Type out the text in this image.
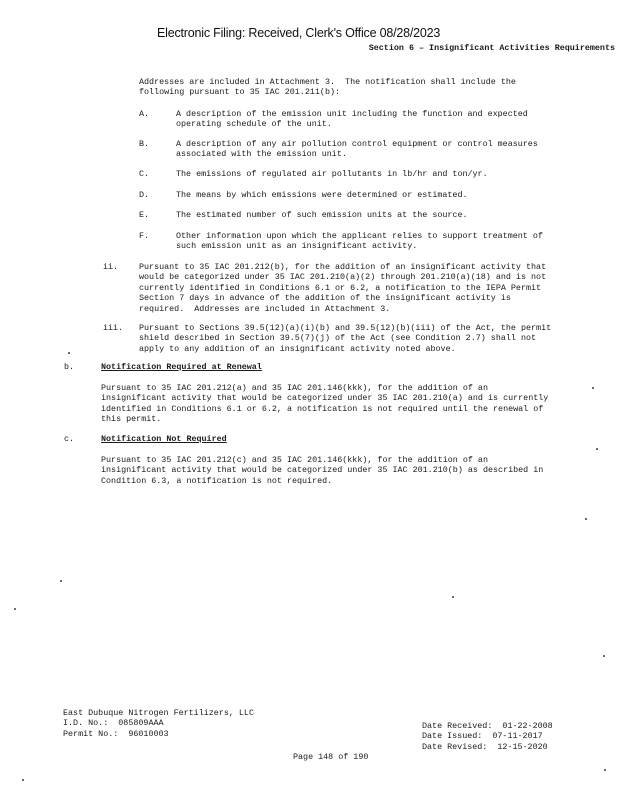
Electronic Filing: Received, Clerk's Office 08/28/2023
Section 6 – Insignificant Activities Requirements
Addresses are included in Attachment 3.  The notification shall include the
following pursuant to 35 IAC 201.211(b):
A.	A description of the emission unit including the function and expected
operating schedule of the unit.
B.	A description of any air pollution control equipment or control measures
associated with the emission unit.
C.	The emissions of regulated air pollutants in lb/hr and ton/yr.
D.	The means by which emissions were determined or estimated.
E.	The estimated number of such emission units at the source.
F.	Other information upon which the applicant relies to support treatment of
such emission unit as an insignificant activity.
ii. Pursuant to 35 IAC 201.212(b), for the addition of an insignificant activity that
would be categorized under 35 IAC 201.210(a)(2) through 201.210(a)(18) and is not
currently identified in Conditions 6.1 or 6.2, a notification to the IEPA Permit
Section 7 days in advance of the addition of the insignificant activity is
required.  Addresses are included in Attachment 3.
iii. Pursuant to Sections 39.5(12)(a)(i)(b) and 39.5(12)(b)(iii) of the Act, the permit
shield described in Section 39.5(7)(j) of the Act (see Condition 2.7) shall not
apply to any addition of an insignificant activity noted above.
b.	Notification Required at Renewal
Pursuant to 35 IAC 201.212(a) and 35 IAC 201.146(kkk), for the addition of an
insignificant activity that would be categorized under 35 IAC 201.210(a) and is currently
identified in Conditions 6.1 or 6.2, a notification is not required until the renewal of
this permit.
c.	Notification Not Required
Pursuant to 35 IAC 201.212(c) and 35 IAC 201.146(kkk), for the addition of an
insignificant activity that would be categorized under 35 IAC 201.210(b) as described in
Condition 6.3, a notification is not required.
East Dubuque Nitrogen Fertilizers, LLC
I.D. No.:  085809AAA
Permit No.:  96010003
Date Received:  01-22-2008
Date Issued:  07-11-2017
Date Revised:  12-15-2020
Page 148 of 190
